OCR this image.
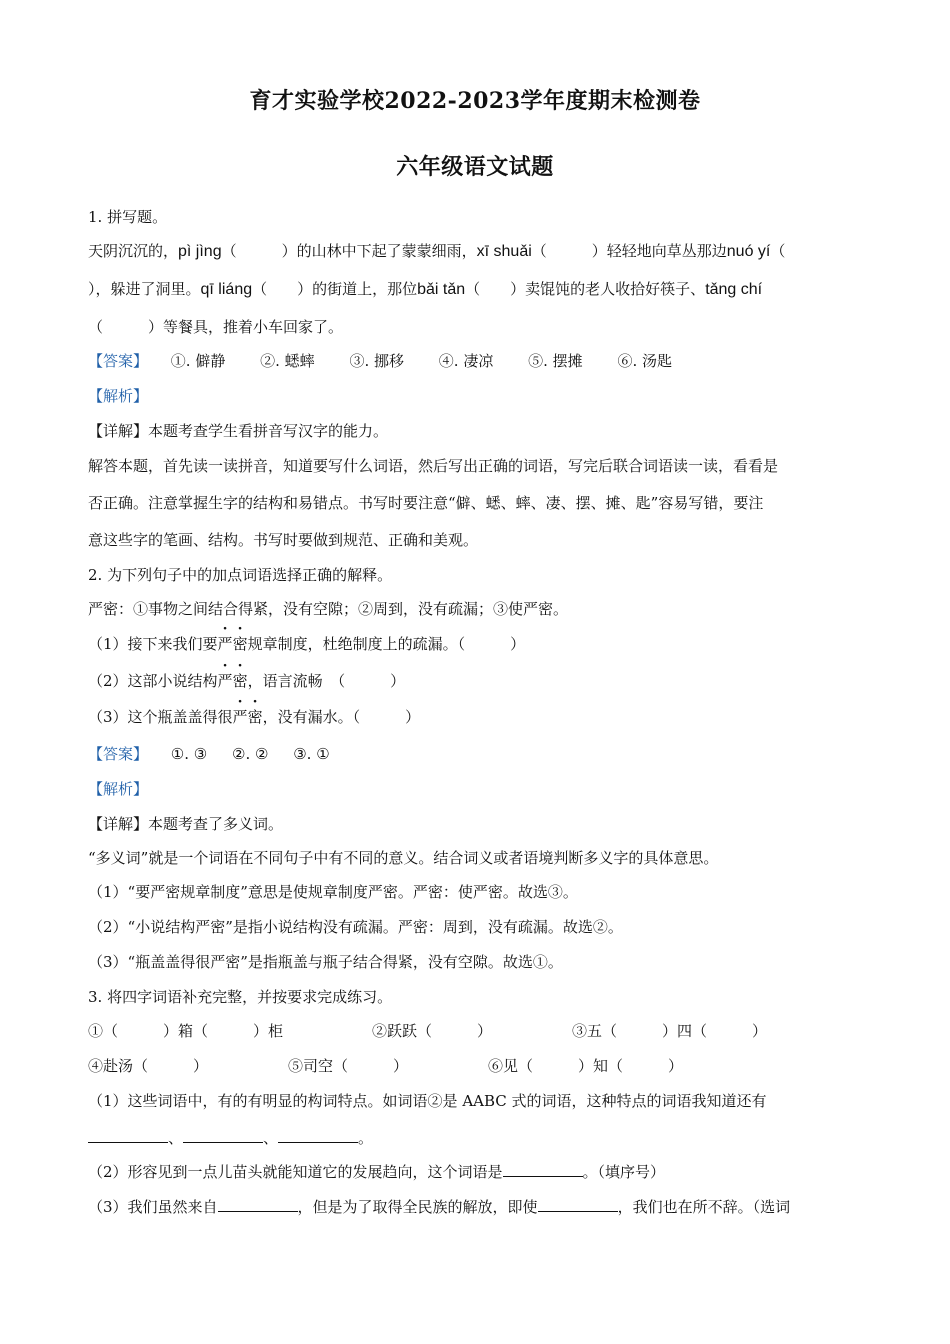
育才实验学校2022-2023学年度期末检测卷
六年级语文试题
1. 拼写题。
天阴沉沉的，pì jìng（　　　）的山林中下起了蒙蒙细雨，xī shuǎi（　　　）轻轻地向草丛那边nuó yí（
），躲进了洞里。qī liáng（　　）的街道上，那位bǎi tǎn（　　）卖馄饨的老人收拾好筷子、tǎng chí
（　　　）等餐具，推着小车回家了。
【答案】 ①. 僻静 ②. 蟋蟀 ③. 挪移 ④. 凄凉 ⑤. 摆摊 ⑥. 汤匙
【解析】
【详解】本题考查学生看拼音写汉字的能力。
解答本题，首先读一读拼音，知道要写什么词语，然后写出正确的词语，写完后联合词语读一读，看看是
否正确。注意掌握生字的结构和易错点。书写时要注意“僻、蟋、蟀、凄、摆、摊、匙”容易写错，要注
意这些字的笔画、结构。书写时要做到规范、正确和美观。
2. 为下列句子中的加点词语选择正确的解释。
严密：①事物之间结合得紧，没有空隙；②周到，没有疏漏；③使严密。
（1）接下来我们要严密规章制度，杜绝制度上的疏漏。（　　　）
（2）这部小说结构严密，语言流畅　（　　　）
（3）这个瓶盖盖得很严密，没有漏水。（　　　）
【答案】 ①. ③ ②. ② ③. ①
【解析】
【详解】本题考查了多义词。
“多义词”就是一个词语在不同句子中有不同的意义。结合词义或者语境判断多义字的具体意思。
（1）“要严密规章制度”意思是使规章制度严密。严密：使严密。故选③。
（2）“小说结构严密”是指小说结构没有疏漏。严密：周到，没有疏漏。故选②。
（3）“瓶盖盖得很严密”是指瓶盖与瓶子结合得紧，没有空隙。故选①。
3. 将四字词语补充完整，并按要求完成练习。
①（　　　）箱（　　　）柜	②跃跃（　　　）	③五（　　　）四（　　　）
④赴汤（　　　）	⑤司空（　　　）	⑥见（　　　）知（　　　）
（1）这些词语中，有的有明显的构词特点。如词语②是 AABC 式的词语，这种特点的词语我知道还有
、	、	。
（2）形容见到一点儿苗头就能知道它的发展趋向，这个词语是	。（填序号）
（3）我们虽然来自	，但是为了取得全民族的解放，即使	，我们也在所不辞。（选词
